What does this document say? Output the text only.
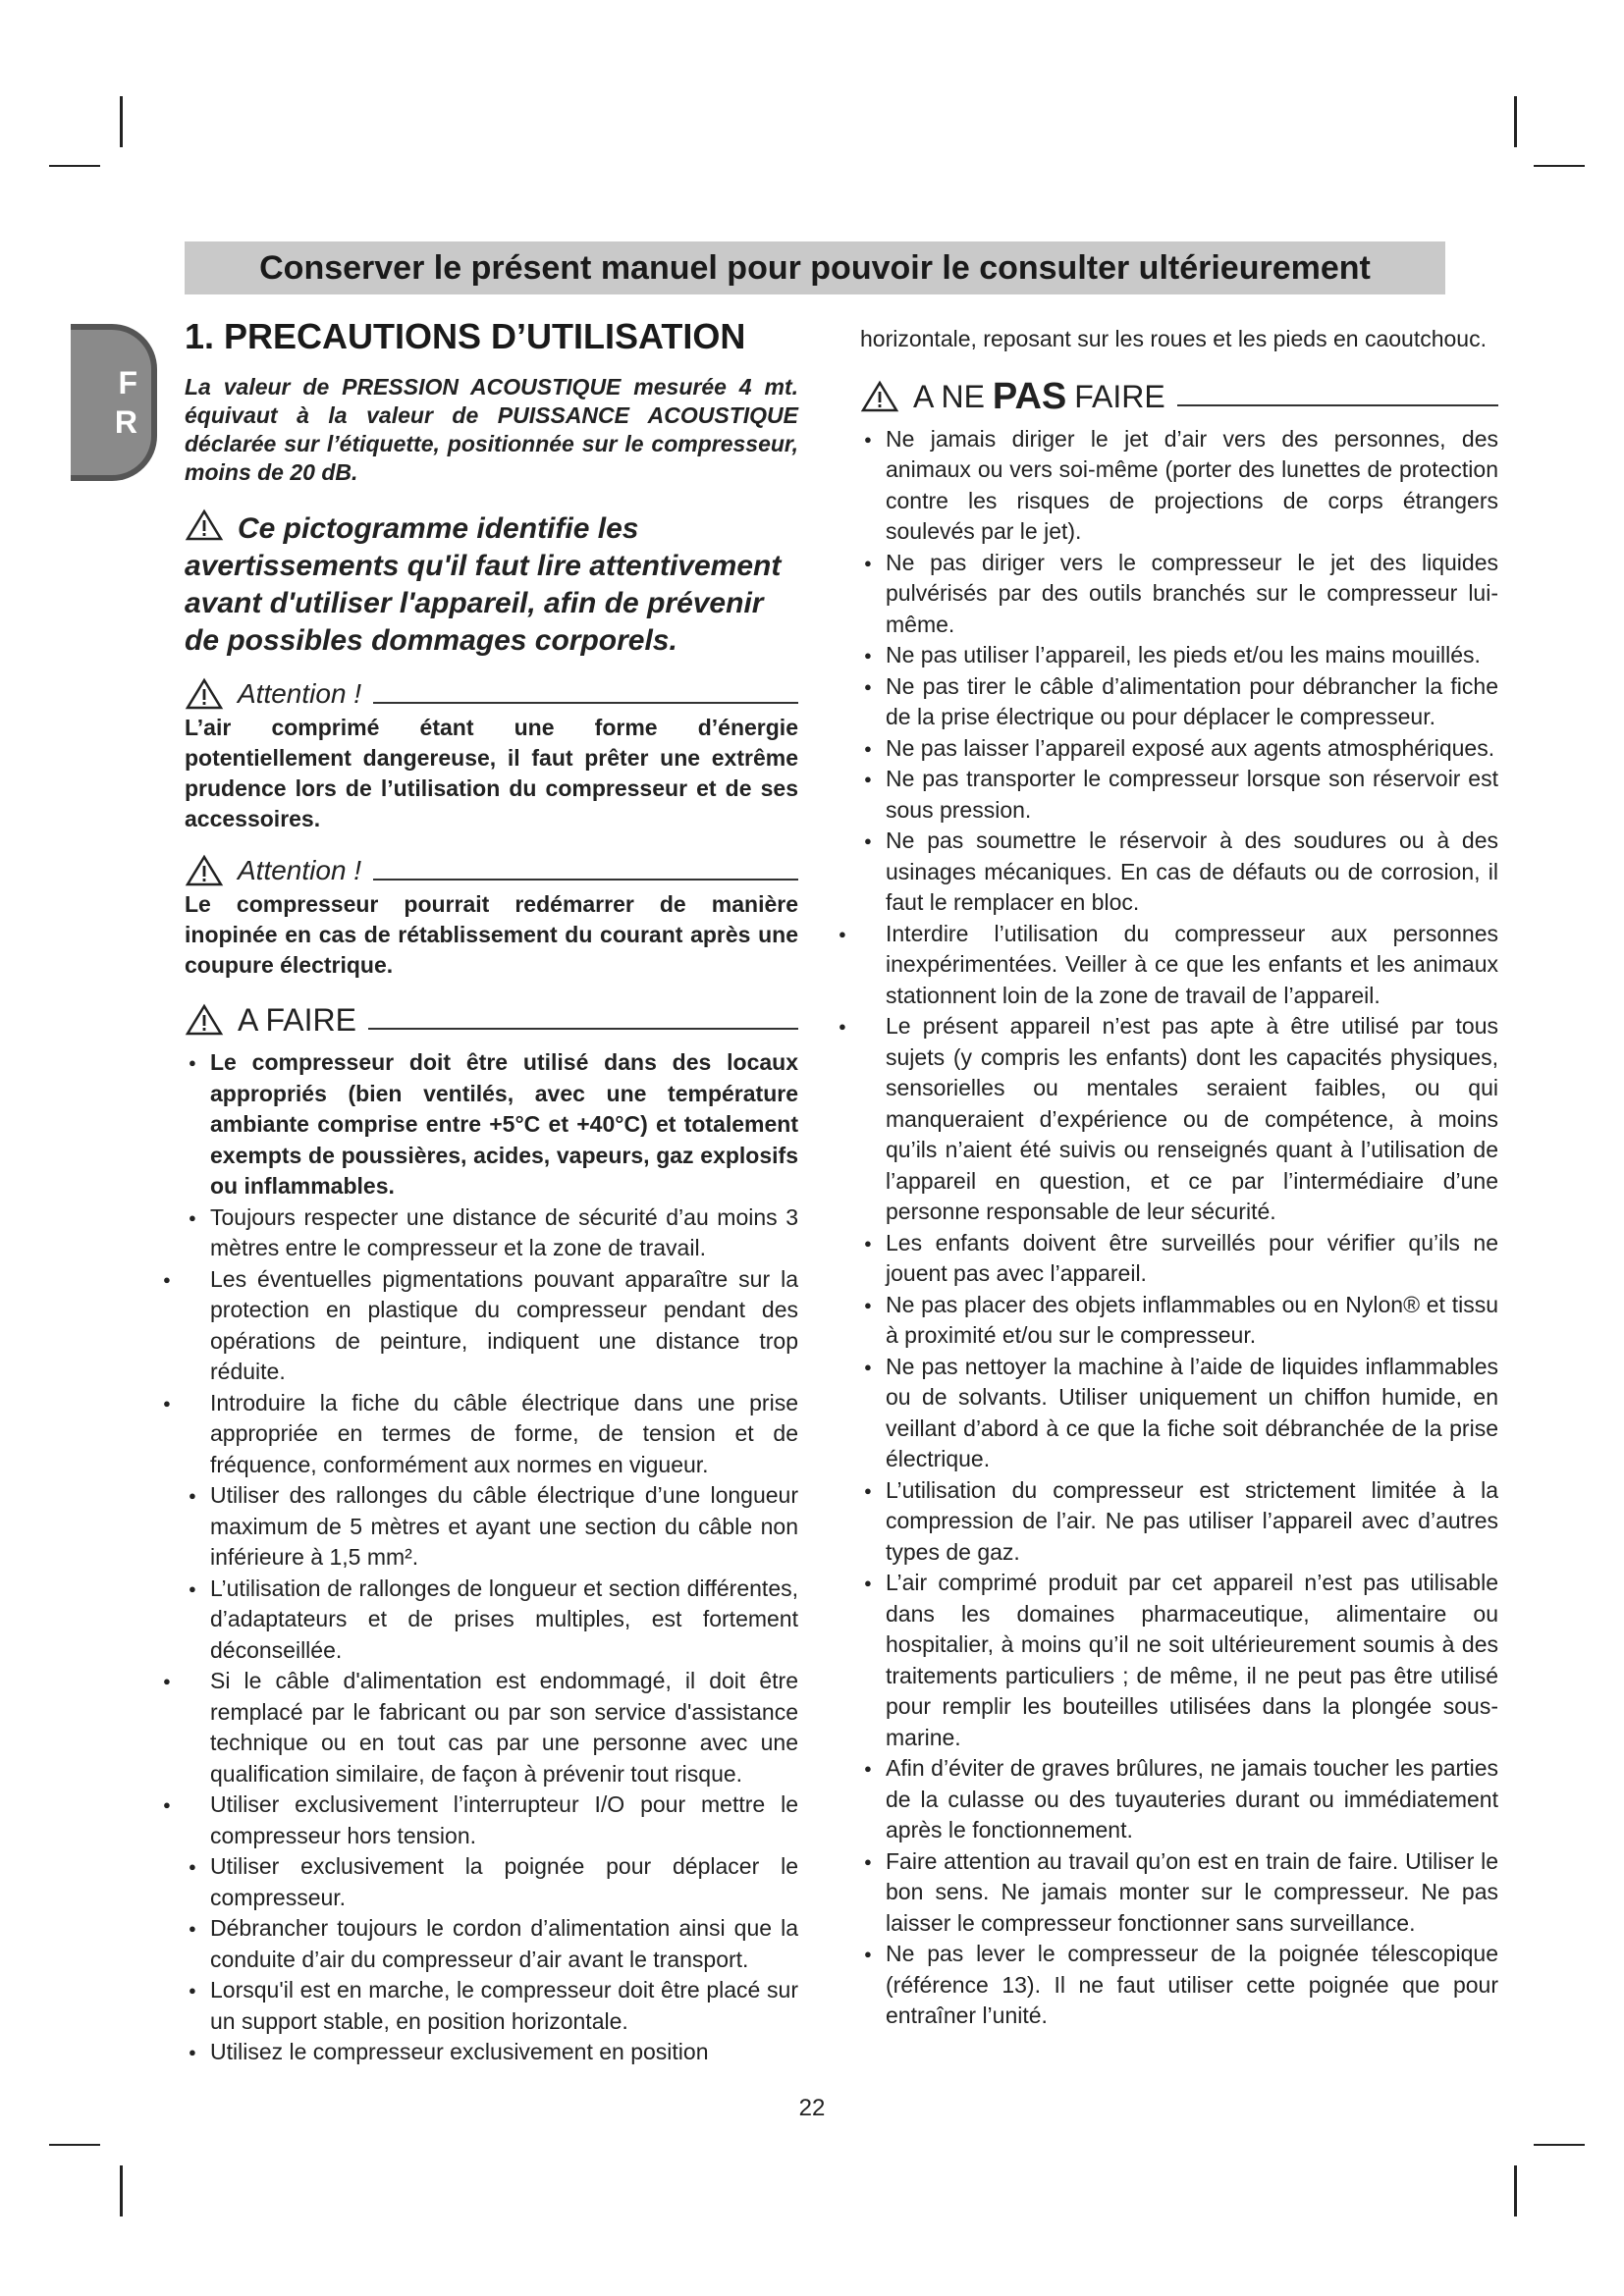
Conserver le présent manuel pour pouvoir le consulter ultérieurement
F
R
1. PRECAUTIONS D’UTILISATION

La valeur de PRESSION ACOUSTIQUE mesurée 4 mt. équivaut à la valeur de PUISSANCE ACOUSTIQUE déclarée sur l’étiquette, positionnée sur le compresseur, moins de 20 dB.

Ce pictogramme identifie les avertissements qu'il faut lire attentivement avant d'utiliser l'appareil, afin de prévenir de possibles dommages corporels.

Attention !

L’air comprimé étant une forme d’énergie potentiellement dangereuse, il faut prêter une extrême prudence lors de l’utilisation du compresseur et de ses accessoires.

Attention !

Le compresseur pourrait redémarrer de manière inopinée en cas de rétablissement du courant après une coupure électrique.

A FAIRE
● Le compresseur doit être utilisé dans des locaux appropriés (bien ventilés, avec une température ambiante comprise entre +5°C et +40°C) et totalement exempts de poussières, acides, vapeurs, gaz explosifs ou inflammables.
● Toujours respecter une distance de sécurité d’au moins 3 mètres entre le compresseur et la zone de travail.
● Les éventuelles pigmentations pouvant apparaître sur la protection en plastique du compresseur pendant des opérations de peinture, indiquent une distance trop réduite.
● Introduire la fiche du câble électrique dans une prise appropriée en termes de forme, de tension et de fréquence, conformément aux normes en vigueur.
● Utiliser des rallonges du câble électrique d’une longueur maximum de 5 mètres et ayant une section du câble non inférieure à 1,5 mm².
● L’utilisation de rallonges de longueur et section différentes, d’adaptateurs et de prises multiples, est fortement déconseillée.
● Si le câble d'alimentation est endommagé, il doit être remplacé par le fabricant ou par son service d'assistance technique ou en tout cas par une personne avec une qualification similaire, de façon à prévenir tout risque.
● Utiliser exclusivement l’interrupteur I/O pour mettre le compresseur hors tension.
● Utiliser exclusivement la poignée pour déplacer le compresseur.
● Débrancher toujours le cordon d’alimentation ainsi que la conduite d’air du compresseur d’air avant le transport.
● Lorsqu'il est en marche, le compresseur doit être placé sur un support stable, en position horizontale.
● Utilisez le compresseur exclusivement en position

horizontale, reposant sur les roues et les pieds en caoutchouc.

A NE PAS FAIRE
● Ne jamais diriger le jet d’air vers des personnes, des animaux ou vers soi-même (porter des lunettes de protection contre les risques de projections de corps étrangers soulevés par le jet).
● Ne pas diriger vers le compresseur le jet des liquides pulvérisés par des outils branchés sur le compresseur lui-même.
● Ne pas utiliser l’appareil, les pieds et/ou les mains mouillés.
● Ne pas tirer le câble d’alimentation pour débrancher la fiche de la prise électrique ou pour déplacer le compresseur.
● Ne pas laisser l’appareil exposé aux agents atmosphériques.
● Ne pas transporter le compresseur lorsque son réservoir est sous pression.
● Ne pas soumettre le réservoir à des soudures ou à des usinages mécaniques. En cas de défauts ou de corrosion, il faut le remplacer en bloc.
● Interdire l’utilisation du compresseur aux personnes inexpérimentées. Veiller à ce que les enfants et les animaux stationnent loin de la zone de travail de l’appareil.
● Le présent appareil n’est pas apte à être utilisé par tous sujets (y compris les enfants) dont les capacités physiques, sensorielles ou mentales seraient faibles, ou qui manqueraient d’expérience ou de compétence, à moins qu’ils n’aient été suivis ou renseignés quant à l’utilisation de l’appareil en question, et ce par l’intermédiaire d’une personne responsable de leur sécurité.
● Les enfants doivent être surveillés pour vérifier qu’ils ne jouent pas avec l’appareil.
● Ne pas placer des objets inflammables ou en Nylon® et tissu à proximité et/ou sur le compresseur.
● Ne pas nettoyer la machine à l’aide de liquides inflammables ou de solvants. Utiliser uniquement un chiffon humide, en veillant d’abord à ce que la fiche soit débranchée de la prise électrique.
● L’utilisation du compresseur est strictement limitée à la compression de l’air. Ne pas utiliser l’appareil avec d’autres types de gaz.
● L’air comprimé produit par cet appareil n’est pas utilisable dans les domaines pharmaceutique, alimentaire ou hospitalier, à moins qu’il ne soit ultérieurement soumis à des traitements particuliers ; de même, il ne peut pas être utilisé pour remplir les bouteilles utilisées dans la plongée sous-marine.
● Afin d’éviter de graves brûlures, ne jamais toucher les parties de la culasse ou des tuyauteries durant ou immédiatement après le fonctionnement.
● Faire attention au travail qu’on est en train de faire. Utiliser le bon sens. Ne jamais monter sur le compresseur. Ne pas laisser le compresseur fonctionner sans surveillance.
● Ne pas lever le compresseur de la poignée télescopique (référence 13). Il ne faut utiliser cette poignée que pour entraîner l’unité.
22
